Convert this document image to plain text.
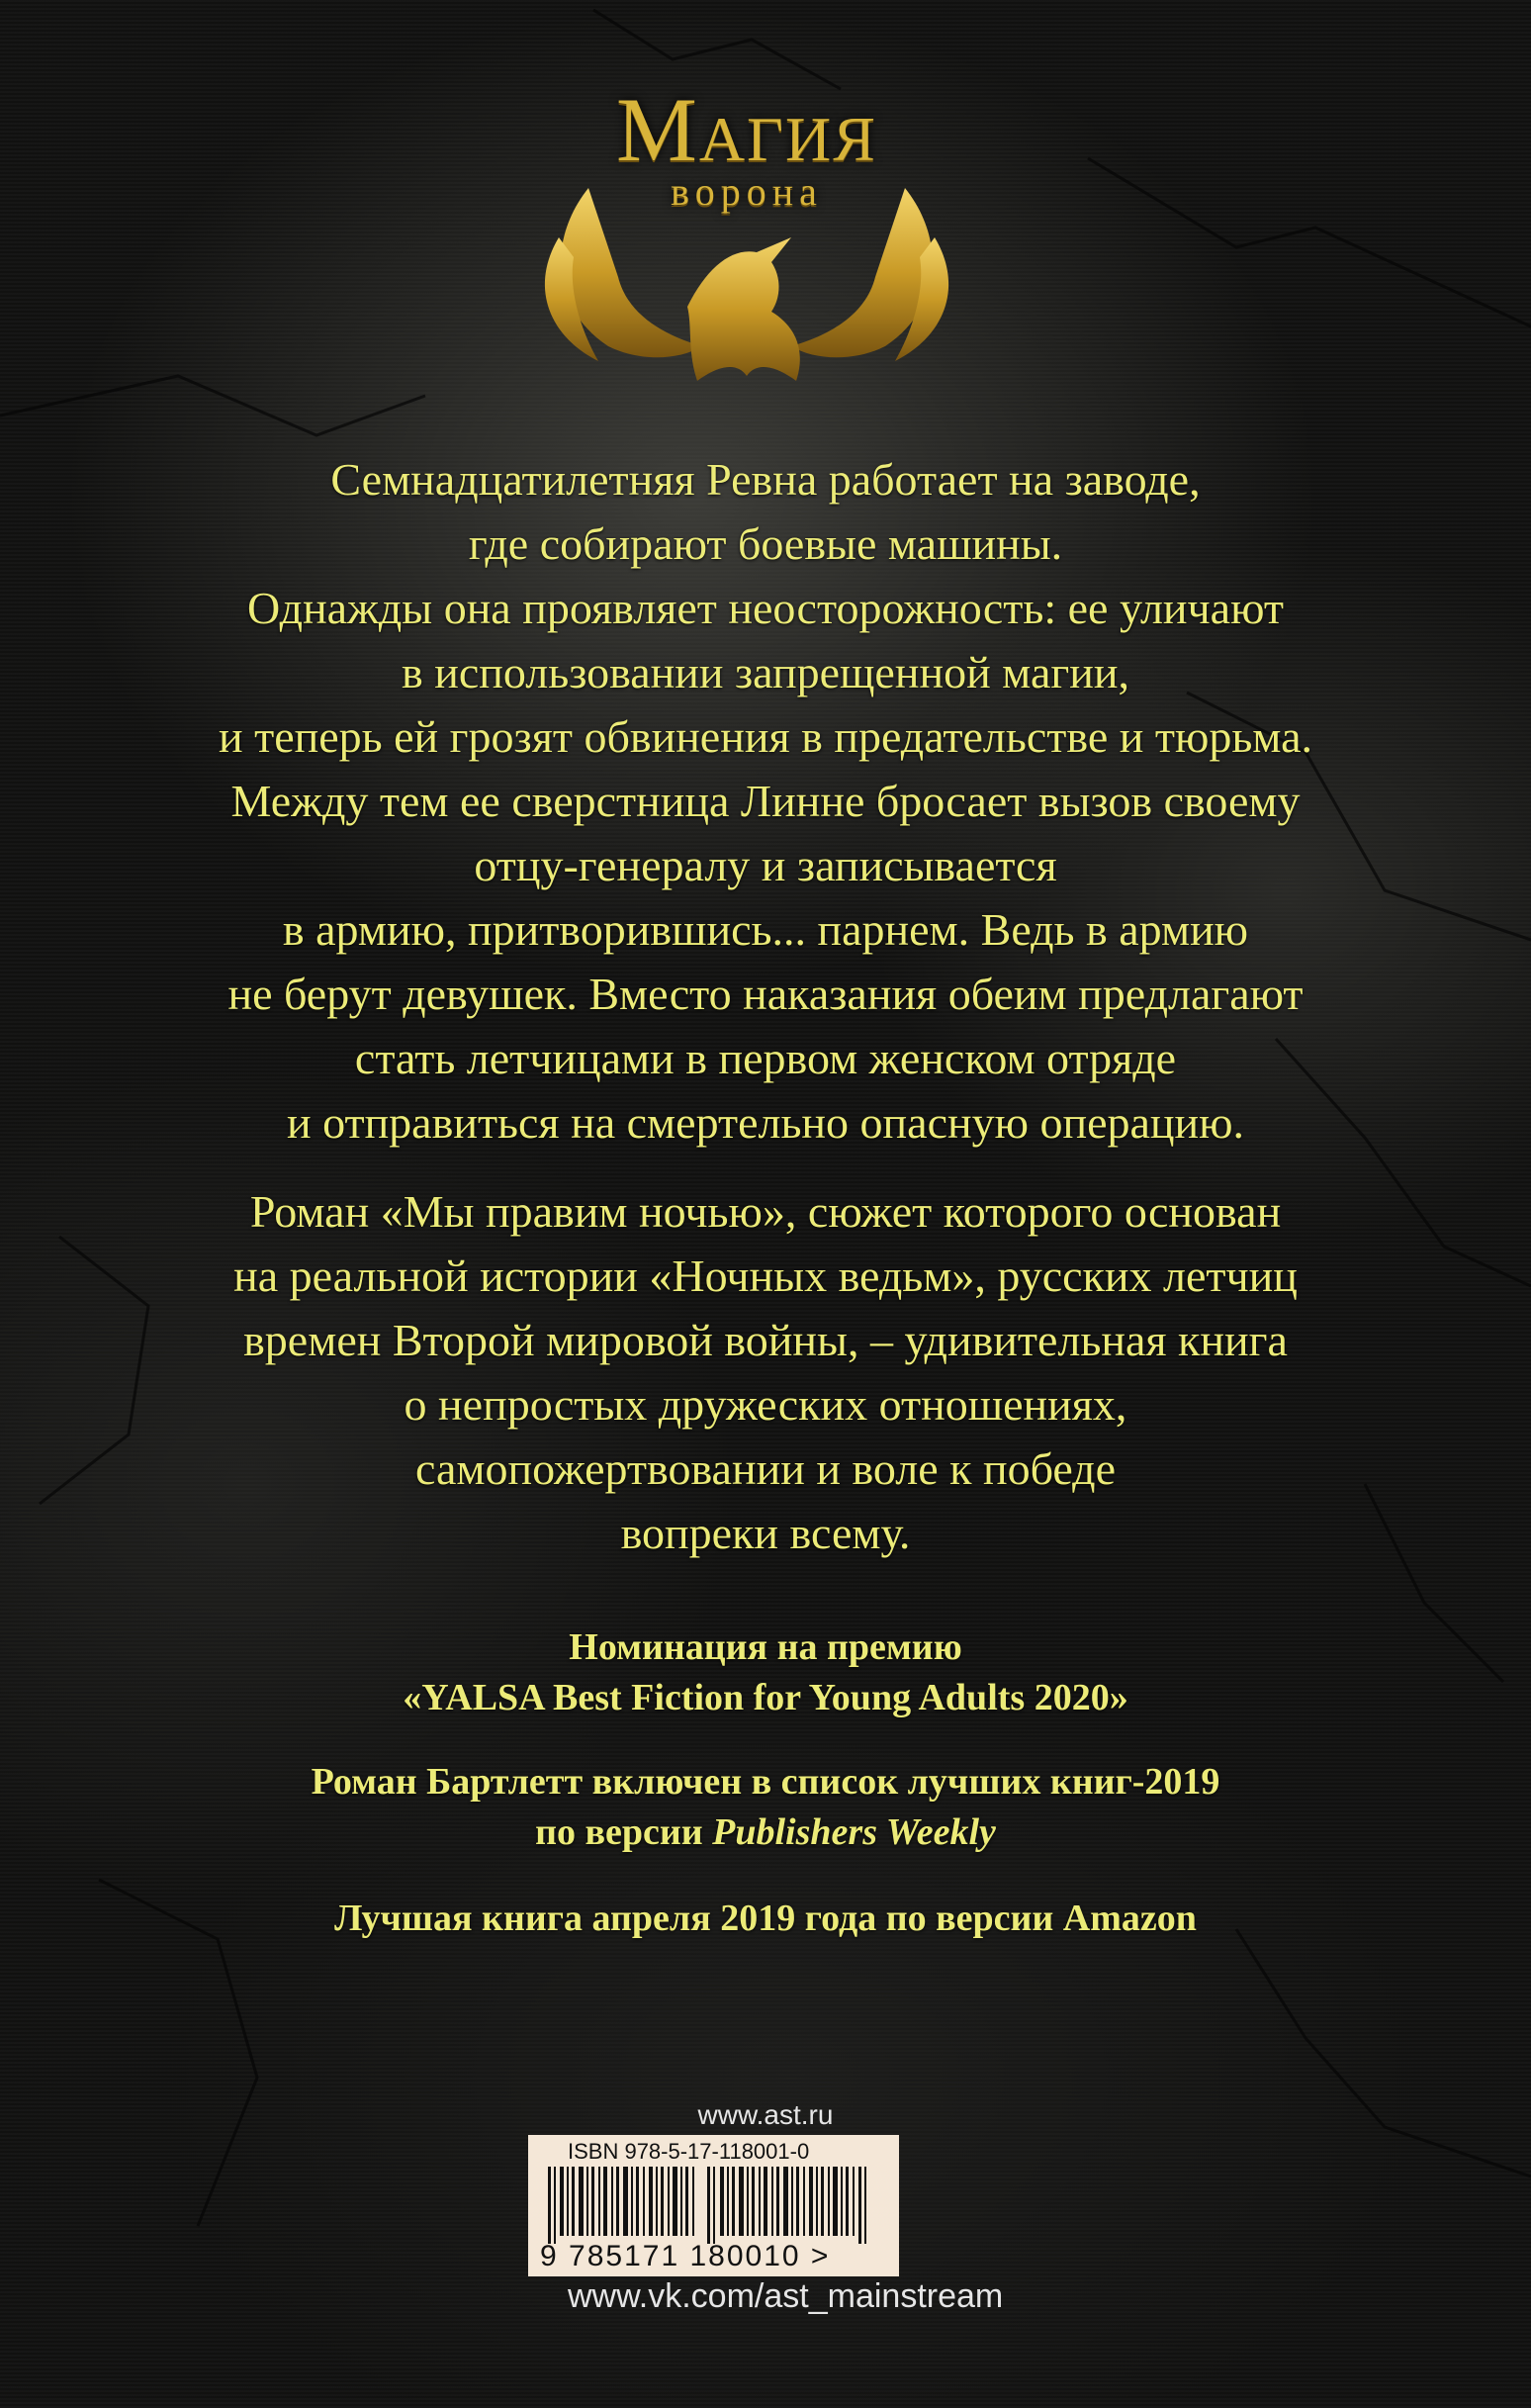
Магия
ворона
Семнадцатилетняя Ревна работает на заводе,
где собирают боевые машины.
Однажды она проявляет неосторожность: ее уличают
в использовании запрещенной магии,
и теперь ей грозят обвинения в предательстве и тюрьма.
Между тем ее сверстница Линне бросает вызов своему
отцу-генералу и записывается
в армию, притворившись... парнем. Ведь в армию
не берут девушек. Вместо наказания обеим предлагают
стать летчицами в первом женском отряде
и отправиться на смертельно опасную операцию.
Роман «Мы правим ночью», сюжет которого основан
на реальной истории «Ночных ведьм», русских летчиц
времен Второй мировой войны, – удивительная книга
о непростых дружеских отношениях,
самопожертвовании и воле к победе
вопреки всему.
Номинация на премию
«YALSA Best Fiction for Young Adults 2020»
Роман Бартлетт включен в список лучших книг-2019
по версии Publishers Weekly
Лучшая книга апреля 2019 года по версии Amazon
www.ast.ru
ISBN 978-5-17-118001-0
9 785171 180010 >
www.vk.com/ast_mainstream
